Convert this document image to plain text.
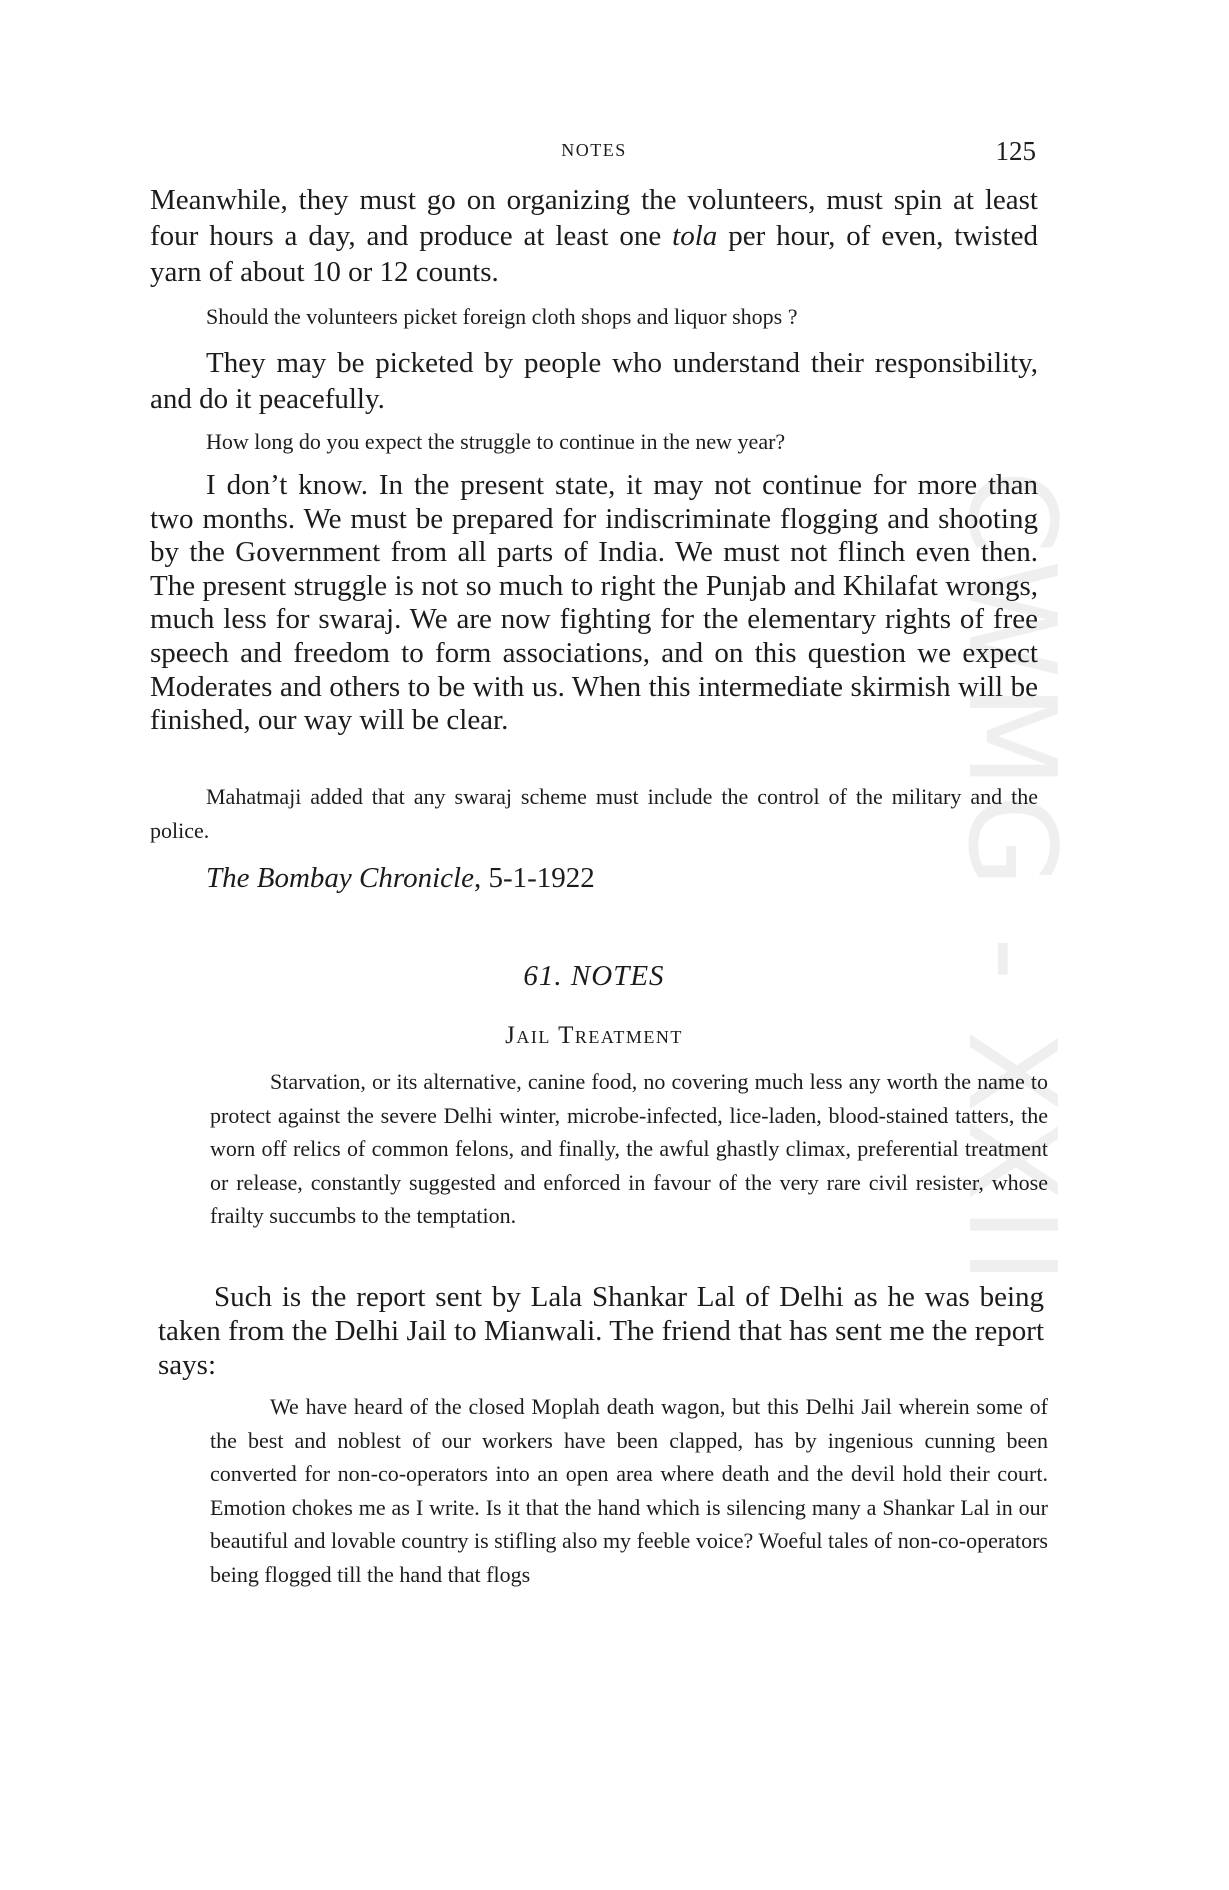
CWMG - XXII
NOTES	125

Meanwhile, they must go on organizing the volunteers, must spin at least four hours a day, and produce at least one tola per hour, of even, twisted yarn of about 10 or 12 counts.

Should the volunteers picket foreign cloth shops and liquor shops ?

They may be picketed by people who understand their responsibility, and do it peacefully.

How long do you expect the struggle to continue in the new year?

I don’t know. In the present state, it may not continue for more than two months. We must be prepared for indiscriminate flogging and shooting by the Government from all parts of India. We must not flinch even then. The present struggle is not so much to right the Punjab and Khilafat wrongs, much less for swaraj. We are now fighting for the elementary rights of free speech and freedom to form associations, and on this question we expect Moderates and others to be with us. When this intermediate skirmish will be finished, our way will be clear.

Mahatmaji added that any swaraj scheme must include the control of the military and the police.

The Bombay Chronicle, 5-1-1922
61. NOTES
Jail Treatment

Starvation, or its alternative, canine food, no covering much less any worth the name to protect against the severe Delhi winter, microbe-infected, lice-laden, blood-stained tatters, the worn off relics of common felons, and finally, the awful ghastly climax, preferential treatment or release, constantly suggested and enforced in favour of the very rare civil resister, whose frailty succumbs to the temptation.

Such is the report sent by Lala Shankar Lal of Delhi as he was being taken from the Delhi Jail to Mianwali. The friend that has sent me the report says:

We have heard of the closed Moplah death wagon, but this Delhi Jail wherein some of the best and noblest of our workers have been clapped, has by ingenious cunning been converted for non-co-operators into an open area where death and the devil hold their court. Emotion chokes me as I write. Is it that the hand which is silencing many a Shankar Lal in our beautiful and lovable country is stifling also my feeble voice? Woeful tales of non-co-operators being flogged till the hand that flogs
